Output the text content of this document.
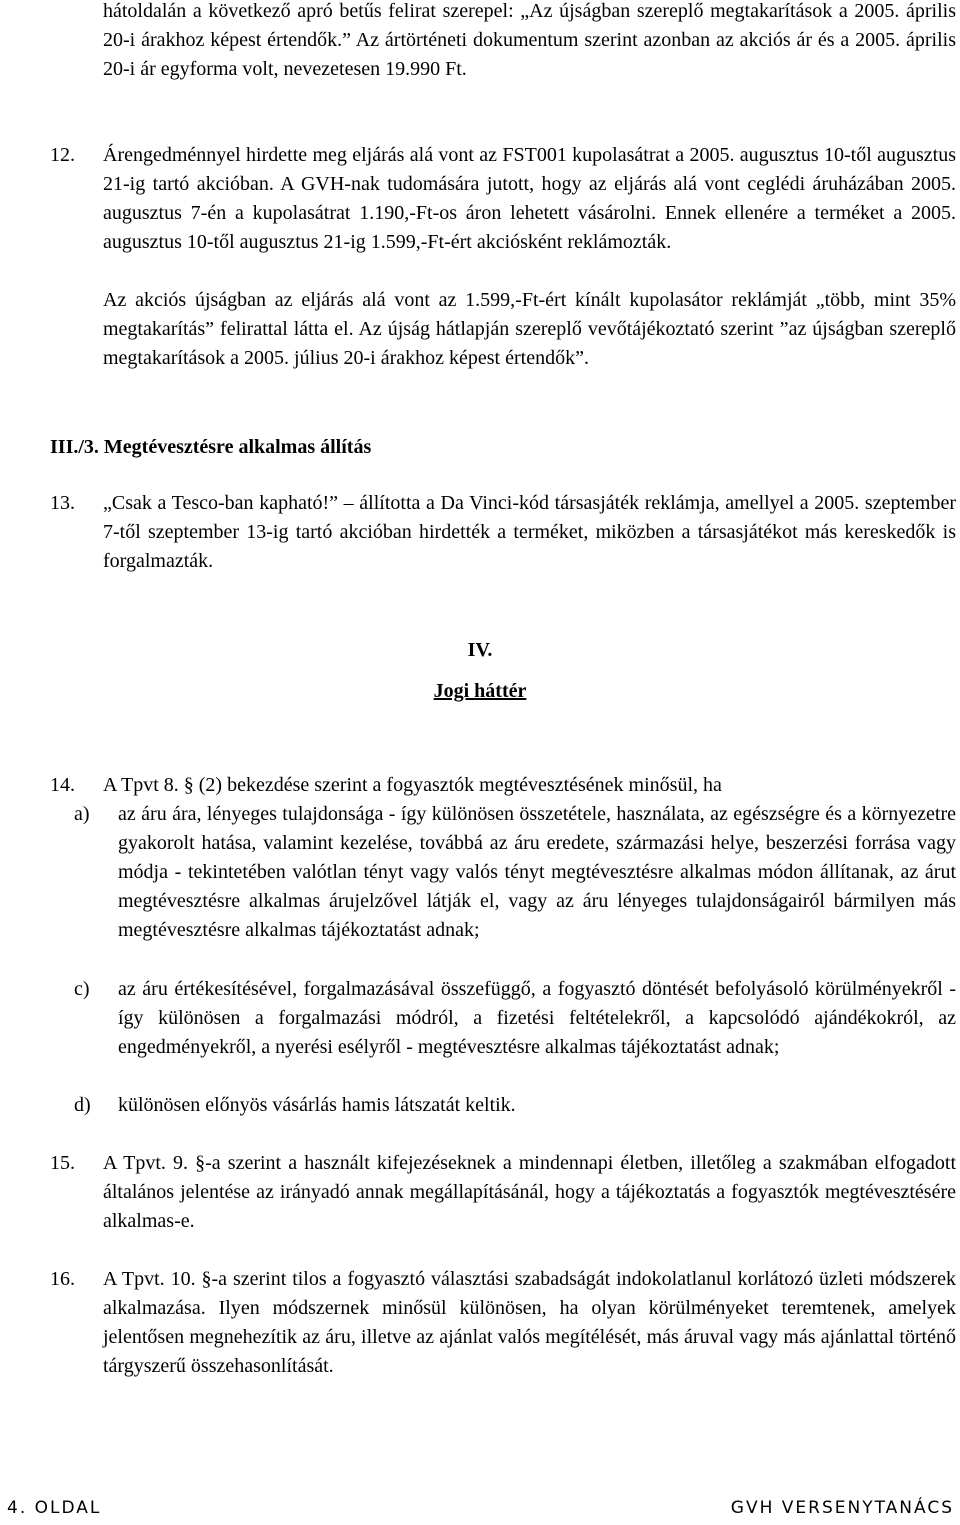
hátoldalán a következő apró betűs felirat szerepel: „Az újságban szereplő megtakarítások a 2005. április 20-i árakhoz képest értendők.” Az ártörténeti dokumentum szerint azonban az akciós ár és a 2005. április 20-i ár egyforma volt, nevezetesen 19.990 Ft.

12. Árengedménnyel hirdette meg eljárás alá vont az FST001 kupolasátrat a 2005. augusztus 10-től augusztus 21-ig tartó akcióban. A GVH-nak tudomására jutott, hogy az eljárás alá vont ceglédi áruházában 2005. augusztus 7-én a kupolasátrat 1.190,-Ft-os áron lehetett vásárolni. Ennek ellenére a terméket a 2005. augusztus 10-től augusztus 21-ig 1.599,-Ft-ért akciósként reklámozták.

Az akciós újságban az eljárás alá vont az 1.599,-Ft-ért kínált kupolasátor reklámját „több, mint 35% megtakarítás” felirattal látta el. Az újság hátlapján szereplő vevőtájékoztató szerint ”az újságban szereplő megtakarítások a 2005. július 20-i árakhoz képest értendők”.

III./3. Megtévesztésre alkalmas állítás
13. „Csak a Tesco-ban kapható!” – állította a Da Vinci-kód társasjáték reklámja, amellyel a 2005. szeptember 7-től szeptember 13-ig tartó akcióban hirdették a terméket, miközben a társasjátékot más kereskedők is forgalmazták.

IV.
Jogi háttér
14. A Tpvt 8. § (2) bekezdése szerint a fogyasztók megtévesztésének minősül, ha

a) az áru ára, lényeges tulajdonsága - így különösen összetétele, használata, az egészségre és a környezetre gyakorolt hatása, valamint kezelése, továbbá az áru eredete, származási helye, beszerzési forrása vagy módja - tekintetében valótlan tényt vagy valós tényt megtévesztésre alkalmas módon állítanak, az árut megtévesztésre alkalmas árujelzővel látják el, vagy az áru lényeges tulajdonságairól bármilyen más megtévesztésre alkalmas tájékoztatást adnak;

c) az áru értékesítésével, forgalmazásával összefüggő, a fogyasztó döntését befolyásoló körülményekről - így különösen a forgalmazási módról, a fizetési feltételekről, a kapcsolódó ajándékokról, az engedményekről, a nyerési esélyről - megtévesztésre alkalmas tájékoztatást adnak;

d) különösen előnyös vásárlás hamis látszatát keltik.

15. A Tpvt. 9. §-a szerint a használt kifejezéseknek a mindennapi életben, illetőleg a szakmában elfogadott általános jelentése az irányadó annak megállapításánál, hogy a tájékoztatás a fogyasztók megtévesztésére alkalmas-e.

16. A Tpvt. 10. §-a szerint tilos a fogyasztó választási szabadságát indokolatlanul korlátozó üzleti módszerek alkalmazása. Ilyen módszernek minősül különösen, ha olyan körülményeket teremtenek, amelyek jelentősen megnehezítik az áru, illetve az ajánlat valós megítélését, más áruval vagy más ajánlattal történő tárgyszerű összehasonlítását.

4. OLDAL	GVH VERSENYTANÁCS
